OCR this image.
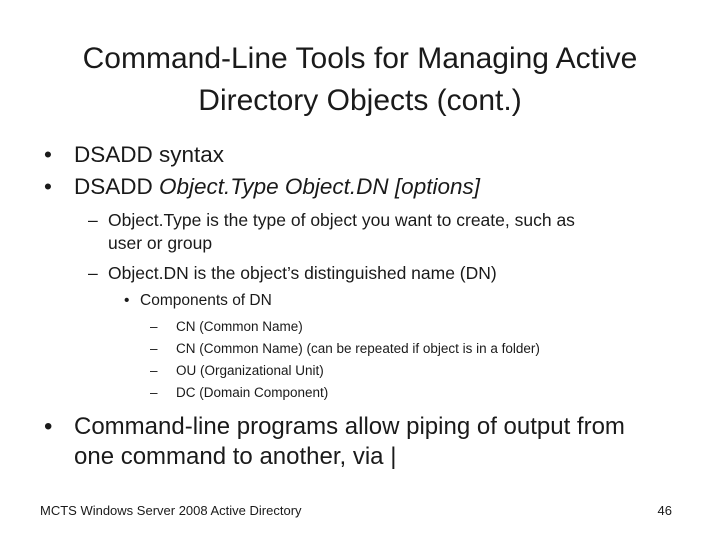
Command-Line Tools for Managing Active
Directory Objects (cont.)
• DSADD syntax
• DSADD Object.Type Object.DN [options]
– Object.Type is the type of object you want to create, such as
user or group
– Object.DN is the object’s distinguished name (DN)
• Components of DN
– CN (Common Name)
– CN (Common Name) (can be repeated if object is in a folder)
– OU (Organizational Unit)
– DC (Domain Component)
• Command-line programs allow piping of output from
one command to another, via |
MCTS Windows Server 2008 Active Directory	46
